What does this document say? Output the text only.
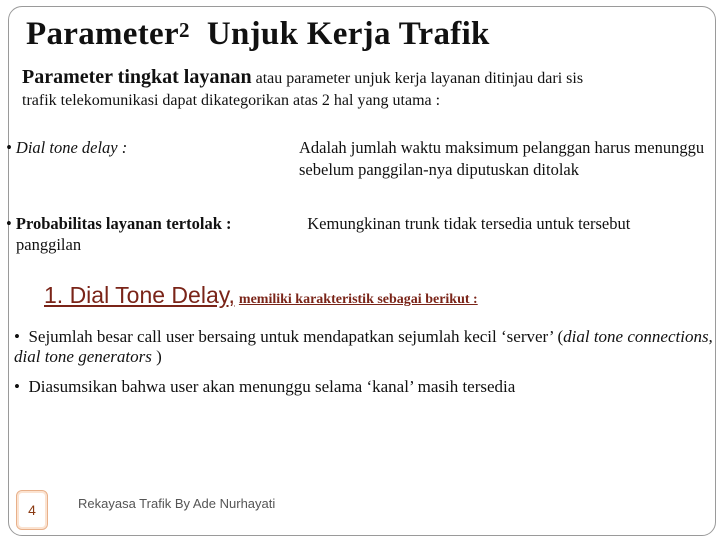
Parameter$^2$ Unjuk Kerja Trafik
Parameter tingkat layanan atau parameter unjuk kerja layanan ditinjau dari sis
trafik telekomunikasi dapat dikategorikan atas 2 hal yang utama :
• Dial tone delay :	Adalah jumlah waktu maksimum pelanggan harus menunggu sebelum panggilan-nya diputuskan ditolak
• Probabilitas layanan tertolak :
panggilan
Kemungkinan trunk tidak tersedia untuk tersebut
1. Dial Tone Delay, memiliki karakteristik sebagai berikut :
• Sejumlah besar call user bersaing untuk mendapatkan sejumlah kecil ‘server’ (dial tone connections, dial tone generators )
• Diasumsikan bahwa user akan menunggu selama ‘kanal’ masih tersedia
4	Rekayasa Trafik By Ade Nurhayati
